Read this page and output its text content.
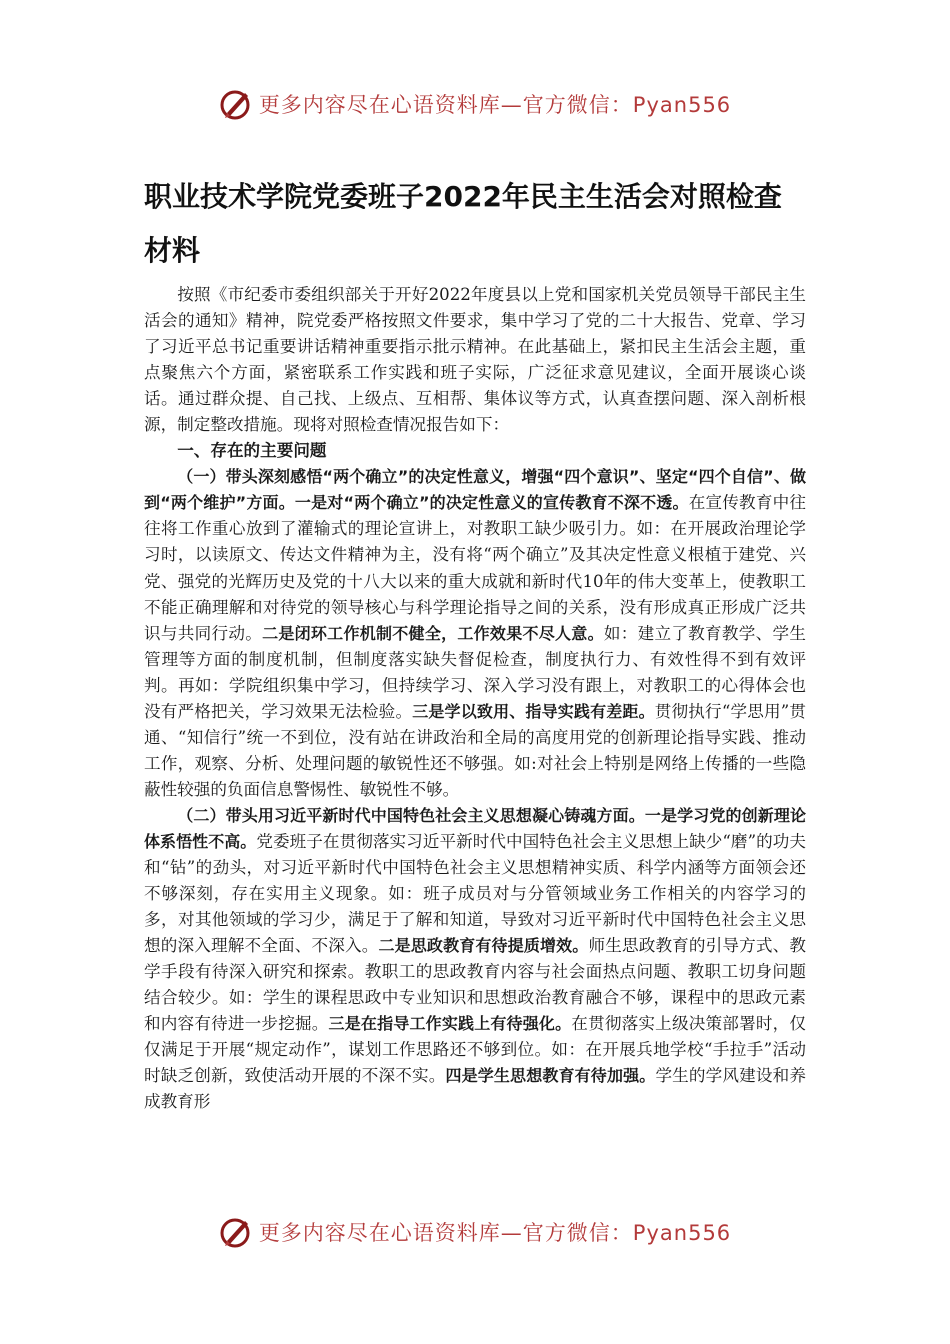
更多内容尽在心语资料库—官方微信：Pyan556
职业技术学院党委班子2022年民主生活会对照检查材料

按照《市纪委市委组织部关于开好2022年度县以上党和国家机关党员领导干部民主生活会的通知》精神，院党委严格按照文件要求，集中学习了党的二十大报告、党章、学习了习近平总书记重要讲话精神重要指示批示精神。在此基础上，紧扣民主生活会主题，重点聚焦六个方面，紧密联系工作实践和班子实际，广泛征求意见建议，全面开展谈心谈话。通过群众提、自己找、上级点、互相帮、集体议等方式，认真查摆问题、深入剖析根源，制定整改措施。现将对照检查情况报告如下：

一、存在的主要问题

（一）带头深刻感悟“两个确立”的决定性意义，增强“四个意识”、坚定“四个自信”、做到“两个维护”方面。一是对“两个确立”的决定性意义的宣传教育不深不透。在宣传教育中往往将工作重心放到了灌输式的理论宣讲上，对教职工缺少吸引力。如：在开展政治理论学习时，以读原文、传达文件精神为主，没有将“两个确立”及其决定性意义根植于建党、兴党、强党的光辉历史及党的十八大以来的重大成就和新时代10年的伟大变革上，使教职工不能正确理解和对待党的领导核心与科学理论指导之间的关系，没有形成真正形成广泛共识与共同行动。二是闭环工作机制不健全，工作效果不尽人意。如：建立了教育教学、学生管理等方面的制度机制，但制度落实缺失督促检查，制度执行力、有效性得不到有效评判。再如：学院组织集中学习，但持续学习、深入学习没有跟上，对教职工的心得体会也没有严格把关，学习效果无法检验。三是学以致用、指导实践有差距。贯彻执行“学思用”贯通、“知信行”统一不到位，没有站在讲政治和全局的高度用党的创新理论指导实践、推动工作，观察、分析、处理问题的敏锐性还不够强。如:对社会上特别是网络上传播的一些隐蔽性较强的负面信息警惕性、敏锐性不够。

（二）带头用习近平新时代中国特色社会主义思想凝心铸魂方面。一是学习党的创新理论体系悟性不高。党委班子在贯彻落实习近平新时代中国特色社会主义思想上缺少“磨”的功夫和“钻”的劲头，对习近平新时代中国特色社会主义思想精神实质、科学内涵等方面领会还不够深刻，存在实用主义现象。如：班子成员对与分管领域业务工作相关的内容学习的多，对其他领域的学习少，满足于了解和知道，导致对习近平新时代中国特色社会主义思想的深入理解不全面、不深入。二是思政教育有待提质增效。师生思政教育的引导方式、教学手段有待深入研究和探索。教职工的思政教育内容与社会面热点问题、教职工切身问题结合较少。如：学生的课程思政中专业知识和思想政治教育融合不够，课程中的思政元素和内容有待进一步挖掘。三是在指导工作实践上有待强化。在贯彻落实上级决策部署时，仅仅满足于开展“规定动作”，谋划工作思路还不够到位。如：在开展兵地学校“手拉手”活动时缺乏创新，致使活动开展的不深不实。四是学生思想教育有待加强。学生的学风建设和养成教育形

更多内容尽在心语资料库—官方微信：Pyan556
